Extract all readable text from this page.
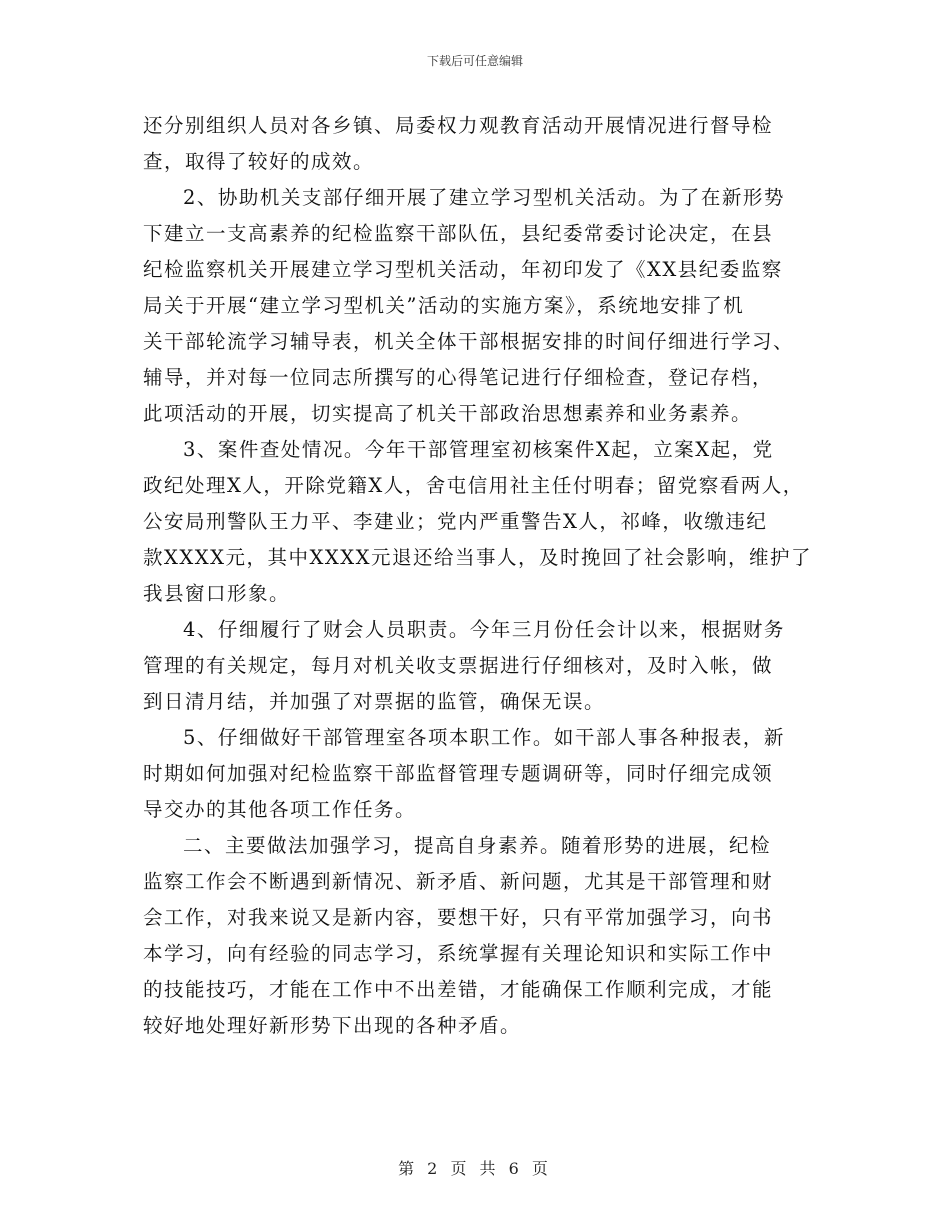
下载后可任意编辑
还分别组织人员对各乡镇、局委权力观教育活动开展情况进行督导检
查，取得了较好的成效。
2、协助机关支部仔细开展了建立学习型机关活动。为了在新形势
下建立一支高素养的纪检监察干部队伍，县纪委常委讨论决定，在县
纪检监察机关开展建立学习型机关活动，年初印发了《XX县纪委监察
局关于开展“建立学习型机关”活动的实施方案》，系统地安排了机
关干部轮流学习辅导表，机关全体干部根据安排的时间仔细进行学习、
辅导，并对每一位同志所撰写的心得笔记进行仔细检查，登记存档，
此项活动的开展，切实提高了机关干部政治思想素养和业务素养。
3、案件查处情况。今年干部管理室初核案件X起，立案X起，党
政纪处理X人，开除党籍X人，舍屯信用社主任付明春；留党察看两人，
公安局刑警队王力平、李建业；党内严重警告X人，祁峰，收缴违纪
款XXXX元，其中XXXX元退还给当事人，及时挽回了社会影响，维护了
我县窗口形象。
4、仔细履行了财会人员职责。今年三月份任会计以来，根据财务
管理的有关规定，每月对机关收支票据进行仔细核对，及时入帐，做
到日清月结，并加强了对票据的监管，确保无误。
5、仔细做好干部管理室各项本职工作。如干部人事各种报表，新
时期如何加强对纪检监察干部监督管理专题调研等，同时仔细完成领
导交办的其他各项工作任务。
二、主要做法加强学习，提高自身素养。随着形势的进展，纪检
监察工作会不断遇到新情况、新矛盾、新问题，尤其是干部管理和财
会工作，对我来说又是新内容，要想干好，只有平常加强学习，向书
本学习，向有经验的同志学习，系统掌握有关理论知识和实际工作中
的技能技巧，才能在工作中不出差错，才能确保工作顺利完成，才能
较好地处理好新形势下出现的各种矛盾。
第 2 页 共 6 页
